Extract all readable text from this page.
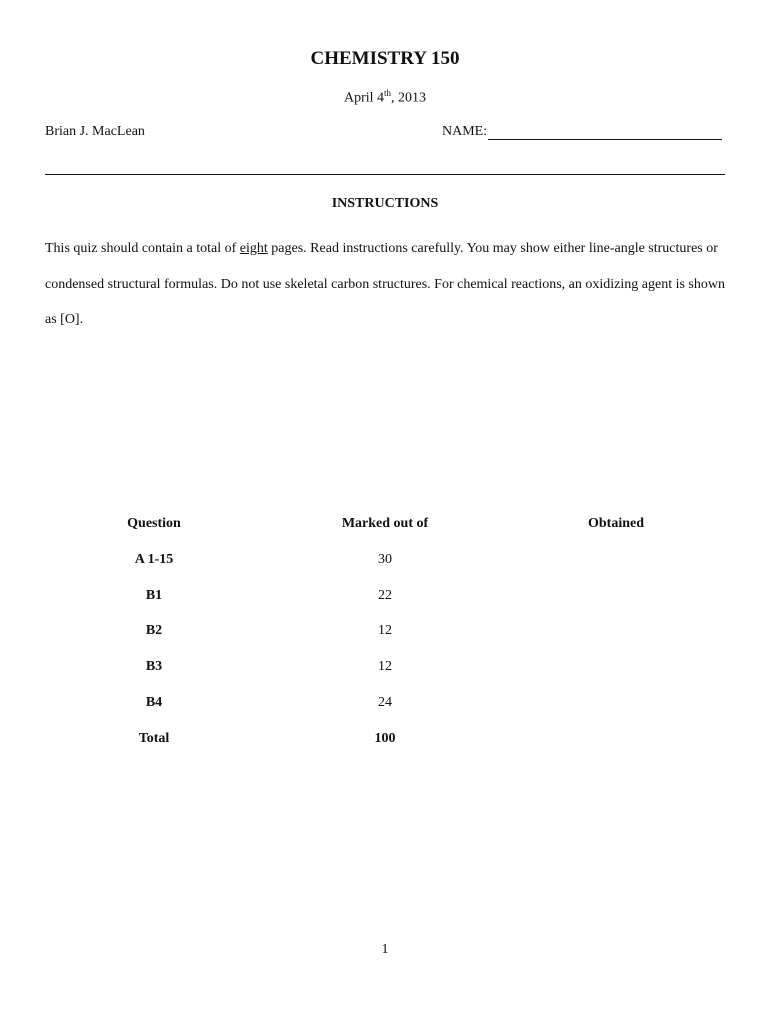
CHEMISTRY 150
April 4th, 2013
Brian J. MacLean	NAME:
INSTRUCTIONS
This quiz should contain a total of eight pages. Read instructions carefully. You may show either line-angle structures or condensed structural formulas. Do not use skeletal carbon structures. For chemical reactions, an oxidizing agent is shown as [O].
Question	Marked out of	Obtained
A 1-15	30
B1	22
B2	12
B3	12
B4	24
Total	100
1
